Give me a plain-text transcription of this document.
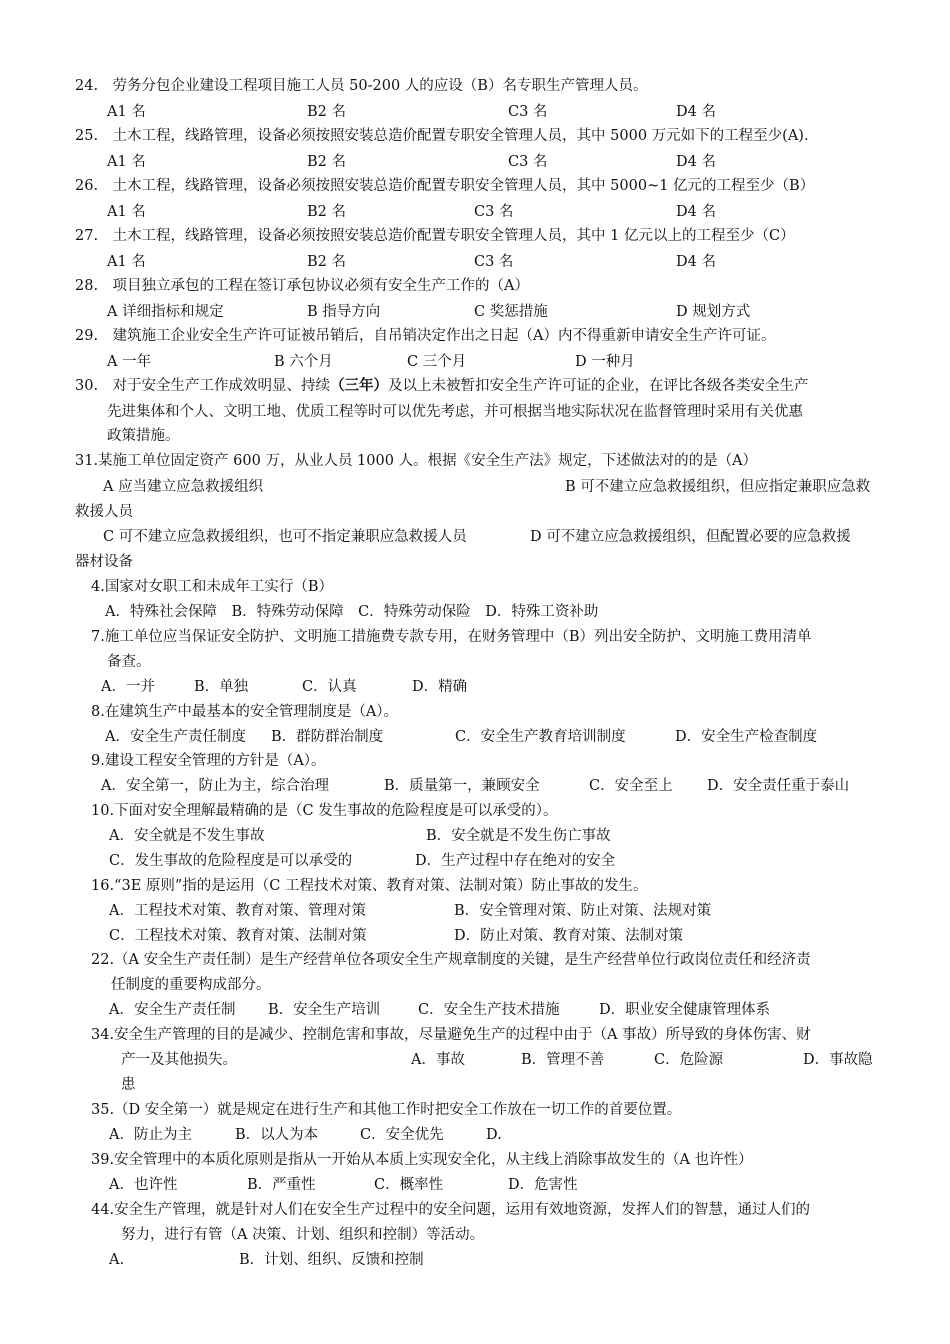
24.　劳务分包企业建设工程项目施工人员 50-200 人的应设（B）名专职生产管理人员。
A1 名	B2 名	C3 名	D4 名
25.　土木工程，线路管理，设备必须按照安装总造价配置专职安全管理人员，其中 5000 万元如下的工程至少(A).
A1 名	B2 名	C3 名	D4 名
26.　土木工程，线路管理，设备必须按照安装总造价配置专职安全管理人员，其中 5000~1 亿元的工程至少（B）
A1 名	B2 名	C3 名	D4 名
27.　土木工程，线路管理，设备必须按照安装总造价配置专职安全管理人员，其中 1 亿元以上的工程至少（C）
A1 名	B2 名	C3 名	D4 名
28.　项目独立承包的工程在签订承包协议必须有安全生产工作的（A）
A 详细指标和规定	B 指导方向	C 奖惩措施	D 规划方式
29.　建筑施工企业安全生产许可证被吊销后，自吊销决定作出之日起（A）内不得重新申请安全生产许可证。
A 一年	B 六个月	C 三个月	D 一种月
30.　对于安全生产工作成效明显、持续（三年）及以上未被暂扣安全生产许可证的企业，在评比各级各类安全生产
先进集体和个人、文明工地、优质工程等时可以优先考虑，并可根据当地实际状况在监督管理时采用有关优惠
政策措施。
31.某施工单位固定资产 600 万，从业人员 1000 人。根据《安全生产法》规定，下述做法对的的是（A）
A 应当建立应急救援组织	B 可不建立应急救援组织，但应指定兼职应急救
救援人员
C 可不建立应急救援组织，也可不指定兼职应急救援人员	D 可不建立应急救援组织，但配置必要的应急救援
器材设备
4.国家对女职工和未成年工实行（B）
A．特殊社会保障　B．特殊劳动保障　C．特殊劳动保险　D．特殊工资补助
7.施工单位应当保证安全防护、文明施工措施费专款专用，在财务管理中（B）列出安全防护、文明施工费用清单
备查。
A．一并	B．单独	C．认真	D．精确
8.在建筑生产中最基本的安全管理制度是（A）。
A．安全生产责任制度 B．群防群治制度	C．安全生产教育培训制度	D．安全生产检查制度
9.建设工程安全管理的方针是（A）。
A．安全第一，防止为主，综合治理	B．质量第一，兼顾安全	C．安全至上 D．安全责任重于泰山
10.下面对安全理解最精确的是（C 发生事故的危险程度是可以承受的）。
A．安全就是不发生事故	B．安全就是不发生伤亡事故
C．发生事故的危险程度是可以承受的	D．生产过程中存在绝对的安全
16.“3E 原则”指的是运用（C 工程技术对策、教育对策、法制对策）防止事故的发生。
A．工程技术对策、教育对策、管理对策	B．安全管理对策、防止对策、法规对策
C．工程技术对策、教育对策、法制对策	D．防止对策、教育对策、法制对策
22.（A 安全生产责任制）是生产经营单位各项安全生产规章制度的关键，是生产经营单位行政岗位责任和经济责
任制度的重要构成部分。
A．安全生产责任制 B．安全生产培训	C．安全生产技术措施	D．职业安全健康管理体系
34.安全生产管理的目的是减少、控制危害和事故，尽量避免生产的过程中由于（A 事故）所导致的身体伤害、财
产一及其他损失。	A．事故	B．管理不善	C．危险源	D．事故隐
患
35.（D 安全第一）就是规定在进行生产和其他工作时把安全工作放在一切工作的首要位置。
A．防止为主	B．以人为本	C．安全优先	D.
39.安全管理中的本质化原则是指从一开始从本质上实现安全化，从主线上消除事故发生的（A 也许性）
A．也许性	B．严重性	C．概率性	D．危害性
44.安全生产管理，就是针对人们在安全生产过程中的安全问题，运用有效地资源，发挥人们的智慧，通过人们的
努力，进行有管（A 决策、计划、组织和控制）等活动。
A.	B．计划、组织、反馈和控制
